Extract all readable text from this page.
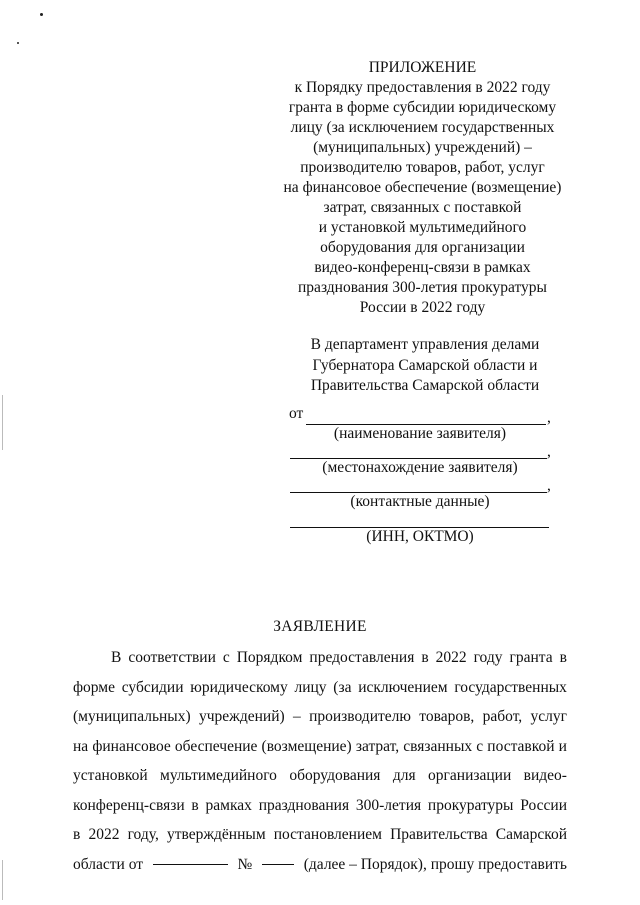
ПРИЛОЖЕНИЕ
к Порядку предоставления в 2022 году
гранта в форме субсидии юридическому
лицу (за исключением государственных
(муниципальных) учреждений) –
производителю товаров, работ, услуг
на финансовое обеспечение (возмещение)
затрат, связанных с поставкой
и установкой мультимедийного
оборудования для организации
видео-конференц-связи в рамках
празднования 300-летия прокуратуры
России в 2022 году
В департамент управления делами
Губернатора Самарской области и
Правительства Самарской области
от	,
(наименование заявителя)
,
(местонахождение заявителя)
,
(контактные данные)
(ИНН, ОКТМО)
ЗАЯВЛЕНИЕ
В соответствии с Порядком предоставления в 2022 году гранта в
форме субсидии юридическому лицу (за исключением государственных
(муниципальных) учреждений) – производителю товаров, работ, услуг
на финансовое обеспечение (возмещение) затрат, связанных с поставкой и
установкой мультимедийного оборудования для организации видео-
конференц-связи в рамках празднования 300-летия прокуратуры России
в 2022 году, утверждённым постановлением Правительства Самарской
области от	№	(далее – Порядок), прошу предоставить
